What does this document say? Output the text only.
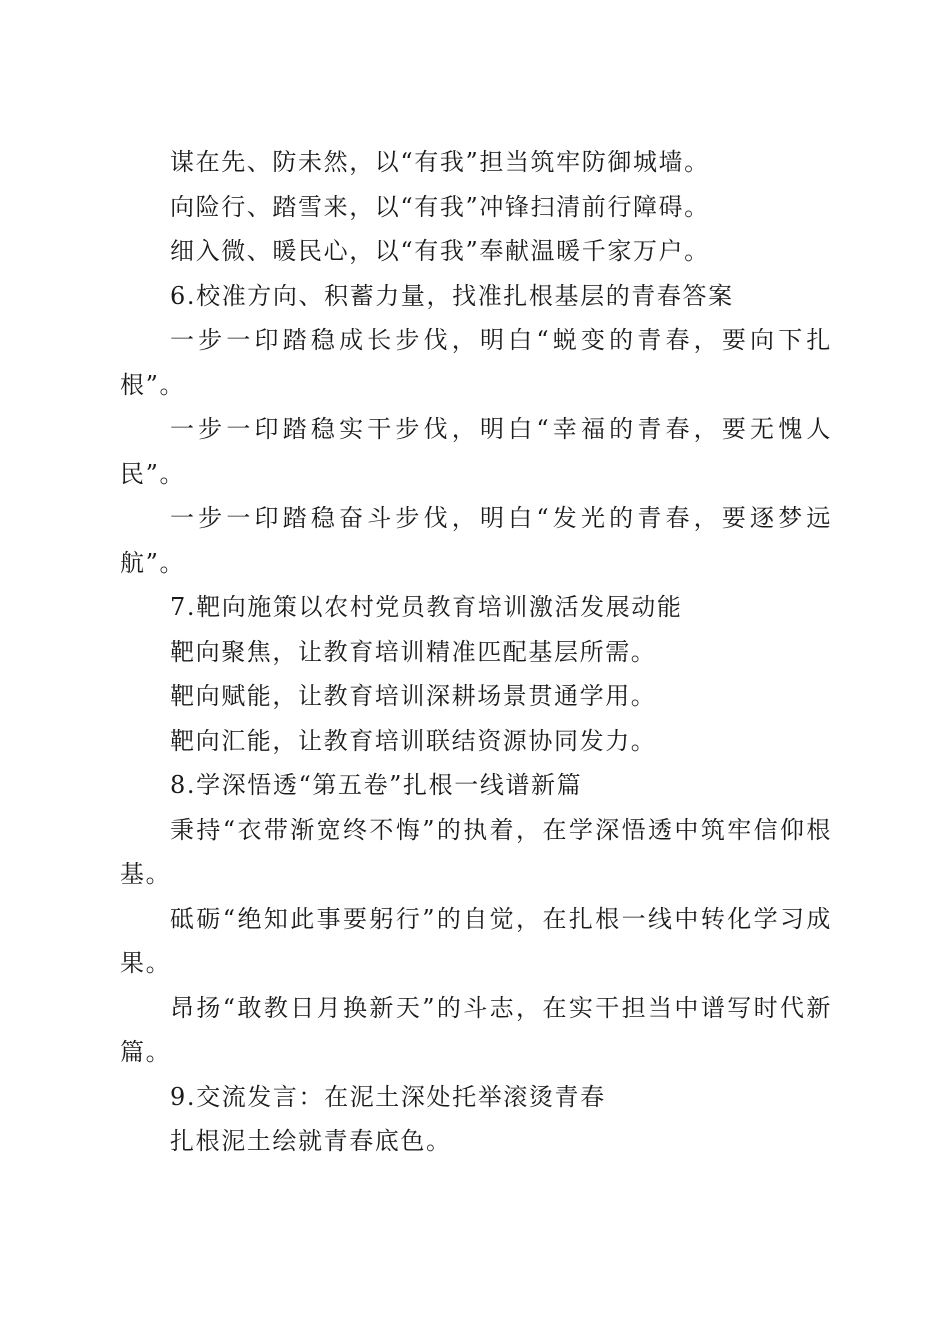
谋在先、防未然，以“有我”担当筑牢防御城墙。

向险行、踏雪来，以“有我”冲锋扫清前行障碍。

细入微、暖民心，以“有我”奉献温暖千家万户。

6.校准方向、积蓄力量，找准扎根基层的青春答案

一步一印踏稳成长步伐，明白“蜕变的青春，要向下扎根”。

一步一印踏稳实干步伐，明白“幸福的青春，要无愧人民”。

一步一印踏稳奋斗步伐，明白“发光的青春，要逐梦远航”。

7.靶向施策以农村党员教育培训激活发展动能

靶向聚焦，让教育培训精准匹配基层所需。

靶向赋能，让教育培训深耕场景贯通学用。

靶向汇能，让教育培训联结资源协同发力。

8.学深悟透“第五卷”扎根一线谱新篇

秉持“衣带渐宽终不悔”的执着，在学深悟透中筑牢信仰根基。

砥砺“绝知此事要躬行”的自觉，在扎根一线中转化学习成果。

昂扬“敢教日月换新天”的斗志，在实干担当中谱写时代新篇。

9.交流发言：在泥土深处托举滚烫青春

扎根泥土绘就青春底色。
